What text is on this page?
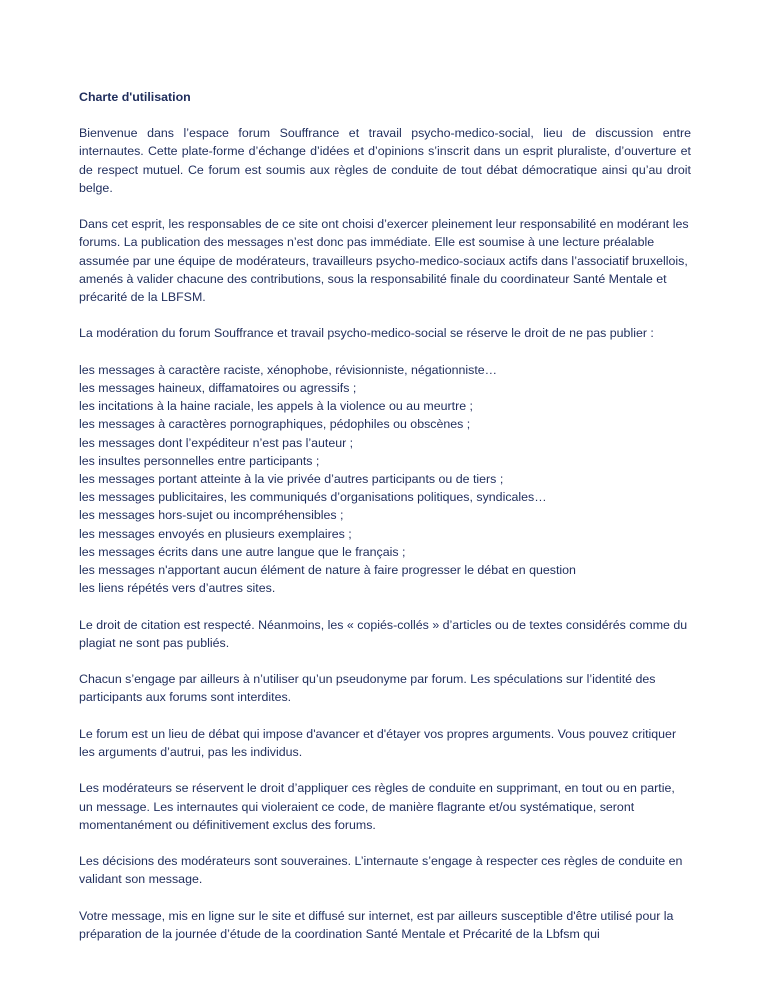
Charte d'utilisation

Bienvenue dans l’espace forum Souffrance et travail psycho-medico-social, lieu de discussion entre internautes. Cette plate-forme d’échange d’idées et d’opinions s’inscrit dans un esprit pluraliste, d’ouverture et de respect mutuel. Ce forum est soumis aux règles de conduite de tout débat démocratique ainsi qu’au droit belge.

Dans cet esprit, les responsables de ce site ont choisi d’exercer pleinement leur responsabilité en modérant les forums. La publication des messages n’est donc pas immédiate. Elle est soumise à une lecture préalable assumée par une équipe de modérateurs, travailleurs psycho-medico-sociaux actifs dans l’associatif bruxellois, amenés à valider chacune des contributions, sous la responsabilité finale du coordinateur Santé Mentale et précarité de la LBFSM.

La modération du forum Souffrance et travail psycho-medico-social se réserve le droit de ne pas publier :

les messages à caractère raciste, xénophobe, révisionniste, négationniste…
les messages haineux, diffamatoires ou agressifs ;
les incitations à la haine raciale, les appels à la violence ou au meurtre ;
les messages à caractères pornographiques, pédophiles ou obscènes ;
les messages dont l’expéditeur n’est pas l’auteur ;
les insultes personnelles entre participants ;
les messages portant atteinte à la vie privée d’autres participants ou de tiers ;
les messages publicitaires, les communiqués d’organisations politiques, syndicales…
les messages hors-sujet ou incompréhensibles ;
les messages envoyés en plusieurs exemplaires ;
les messages écrits dans une autre langue que le français ;
les messages n'apportant aucun élément de nature à faire progresser le débat en question
les liens répétés vers d’autres sites.

Le droit de citation est respecté. Néanmoins, les « copiés-collés » d’articles ou de textes considérés comme du plagiat ne sont pas publiés.

Chacun s’engage par ailleurs à n’utiliser qu’un pseudonyme par forum. Les spéculations sur l’identité des participants aux forums sont interdites.

Le forum est un lieu de débat qui impose d'avancer et d'étayer vos propres arguments. Vous pouvez critiquer les arguments d’autrui, pas les individus.

Les modérateurs se réservent le droit d’appliquer ces règles de conduite en supprimant, en tout ou en partie, un message. Les internautes qui violeraient ce code, de manière flagrante et/ou systématique, seront momentanément ou définitivement exclus des forums.

Les décisions des modérateurs sont souveraines. L’internaute s’engage à respecter ces règles de conduite en validant son message.

Votre message, mis en ligne sur le site et diffusé sur internet, est par ailleurs susceptible d'être utilisé pour la préparation de la journée d’étude de la coordination Santé Mentale et Précarité de la Lbfsm qui
